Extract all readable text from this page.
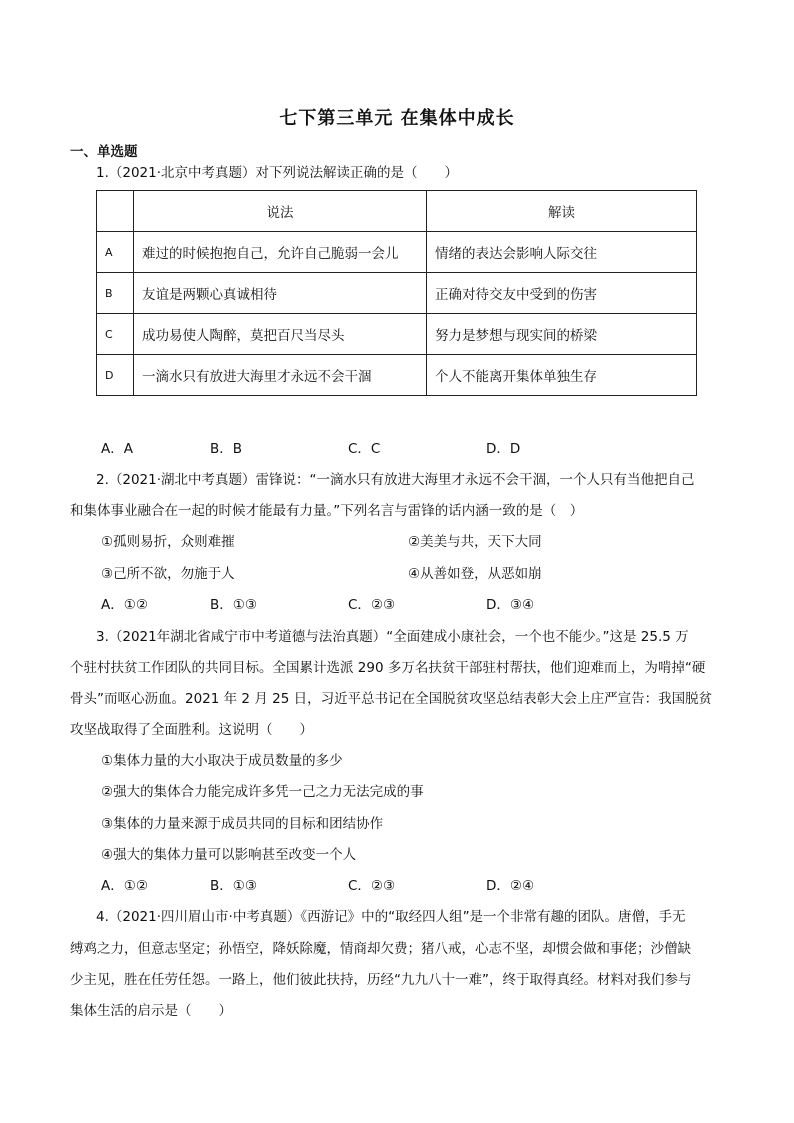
七下第三单元 在集体中成长
一、单选题
1.（2021·北京中考真题）对下列说法解读正确的是（　　）
	说法	解读
A	难过的时候抱抱自己，允许自己脆弱一会儿	情绪的表达会影响人际交往
B	友谊是两颗心真诚相待	正确对待交友中受到的伤害
C	成功易使人陶醉，莫把百尺当尽头	努力是梦想与现实间的桥梁
D	一滴水只有放进大海里才永远不会干涸	个人不能离开集体单独生存
A．A	B．B	C．C	D．D
2.（2021·湖北中考真题）雷锋说：“一滴水只有放进大海里才永远不会干涸，一个人只有当他把自己
和集体事业融合在一起的时候才能最有力量。”下列名言与雷锋的话内涵一致的是（　）
①孤则易折，众则难摧	②美美与共，天下大同
③己所不欲，勿施于人	④从善如登，从恶如崩
A．①②	B．①③	C．②③	D．③④
3.（2021年湖北省咸宁市中考道德与法治真题）“全面建成小康社会，一个也不能少。”这是 25.5 万
个驻村扶贫工作团队的共同目标。全国累计选派 290 多万名扶贫干部驻村帮扶，他们迎难而上，为啃掉“硬
骨头”而呕心沥血。2021 年 2 月 25 日，习近平总书记在全国脱贫攻坚总结表彰大会上庄严宣告：我国脱贫
攻坚战取得了全面胜利。这说明（　　）
①集体力量的大小取决于成员数量的多少
②强大的集体合力能完成许多凭一己之力无法完成的事
③集体的力量来源于成员共同的目标和团结协作
④强大的集体力量可以影响甚至改变一个人
A．①②	B．①③	C．②③	D．②④
4.（2021·四川眉山市·中考真题）《西游记》中的“取经四人组”是一个非常有趣的团队。唐僧，手无
缚鸡之力，但意志坚定；孙悟空，降妖除魔，情商却欠费；猪八戒，心志不坚，却惯会做和事佬；沙僧缺
少主见，胜在任劳任怨。一路上，他们彼此扶持，历经“九九八十一难”，终于取得真经。材料对我们参与
集体生活的启示是（　　）
